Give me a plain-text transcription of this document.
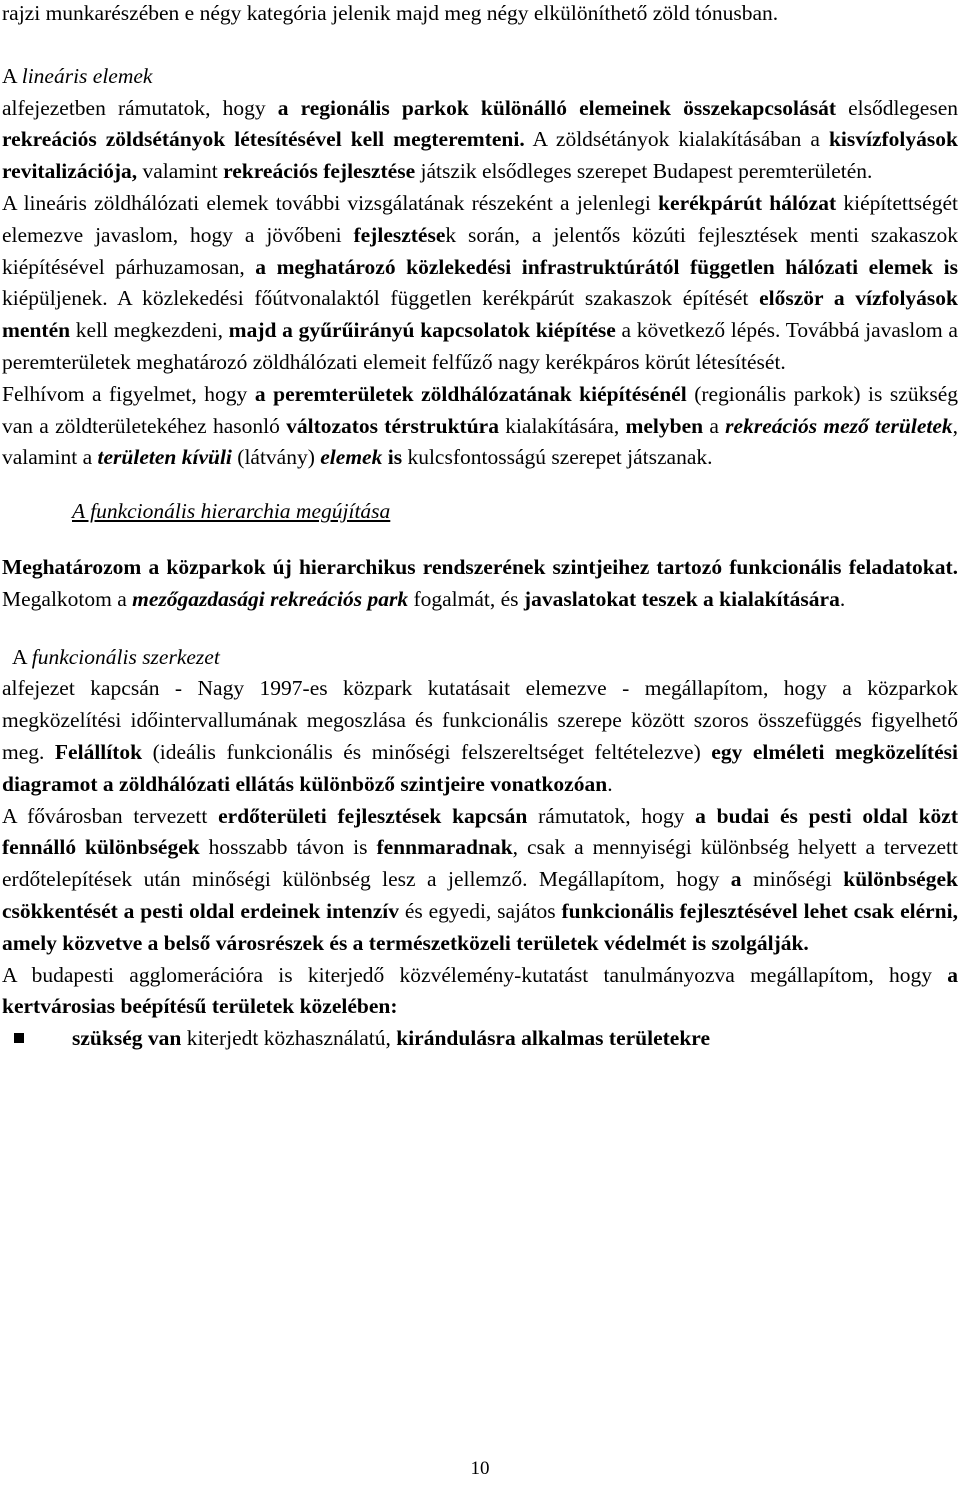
rajzi munkarészében e négy kategória jelenik majd meg négy elkülöníthető zöld tónusban.

A lineáris elemek

alfejezetben rámutatok, hogy a regionális parkok különálló elemeinek összekapcsolását elsődlegesen rekreációs zöldsétányok létesítésével kell megteremteni. A zöldsétányok kialakításában a kisvízfolyások revitalizációja, valamint rekreációs fejlesztése játszik elsődleges szerepet Budapest peremterületén.

A lineáris zöldhálózati elemek további vizsgálatának részeként a jelenlegi kerékpárút hálózat kiépítettségét elemezve javaslom, hogy a jövőbeni fejlesztések során, a jelentős közúti fejlesztések menti szakaszok kiépítésével párhuzamosan, a meghatározó közlekedési infrastruktúrától független hálózati elemek is kiépüljenek. A közlekedési főútvonalaktól független kerékpárút szakaszok építését először a vízfolyások mentén kell megkezdeni, majd a gyűrűirányú kapcsolatok kiépítése a következő lépés. Továbbá javaslom a peremterületek meghatározó zöldhálózati elemeit felfűző nagy kerékpáros körút létesítését.

Felhívom a figyelmet, hogy a peremterületek zöldhálózatának kiépítésénél (regionális parkok) is szükség van a zöldterületekéhez hasonló változatos térstruktúra kialakítására, melyben a rekreációs mező területek, valamint a területen kívüli (látvány) elemek is kulcsfontosságú szerepet játszanak.

A funkcionális hierarchia megújítása

Meghatározom a közparkok új hierarchikus rendszerének szintjeihez tartozó funkcionális feladatokat. Megalkotom a mezőgazdasági rekreációs park fogalmát, és javaslatokat teszek a kialakítására.

A funkcionális szerkezet

alfejezet kapcsán - Nagy 1997-es közpark kutatásait elemezve - megállapítom, hogy a közparkok megközelítési időintervallumának megoszlása és funkcionális szerepe között szoros összefüggés figyelhető meg. Felállítok (ideális funkcionális és minőségi felszereltséget feltételezve) egy elméleti megközelítési diagramot a zöldhálózati ellátás különböző szintjeire vonatkozóan.

A fővárosban tervezett erdőterületi fejlesztések kapcsán rámutatok, hogy a budai és pesti oldal közt fennálló különbségek hosszabb távon is fennmaradnak, csak a mennyiségi különbség helyett a tervezett erdőtelepítések után minőségi különbség lesz a jellemző. Megállapítom, hogy a minőségi különbségek csökkentését a pesti oldal erdeinek intenzív és egyedi, sajátos funkcionális fejlesztésével lehet csak elérni, amely közvetve a belső városrészek és a természetközeli területek védelmét is szolgálják.

A budapesti agglomerációra is kiterjedő közvélemény-kutatást tanulmányozva megállapítom, hogy a kertvárosias beépítésű területek közelében:

szükség van kiterjedt közhasználatú, kirándulásra alkalmas területekre
10
